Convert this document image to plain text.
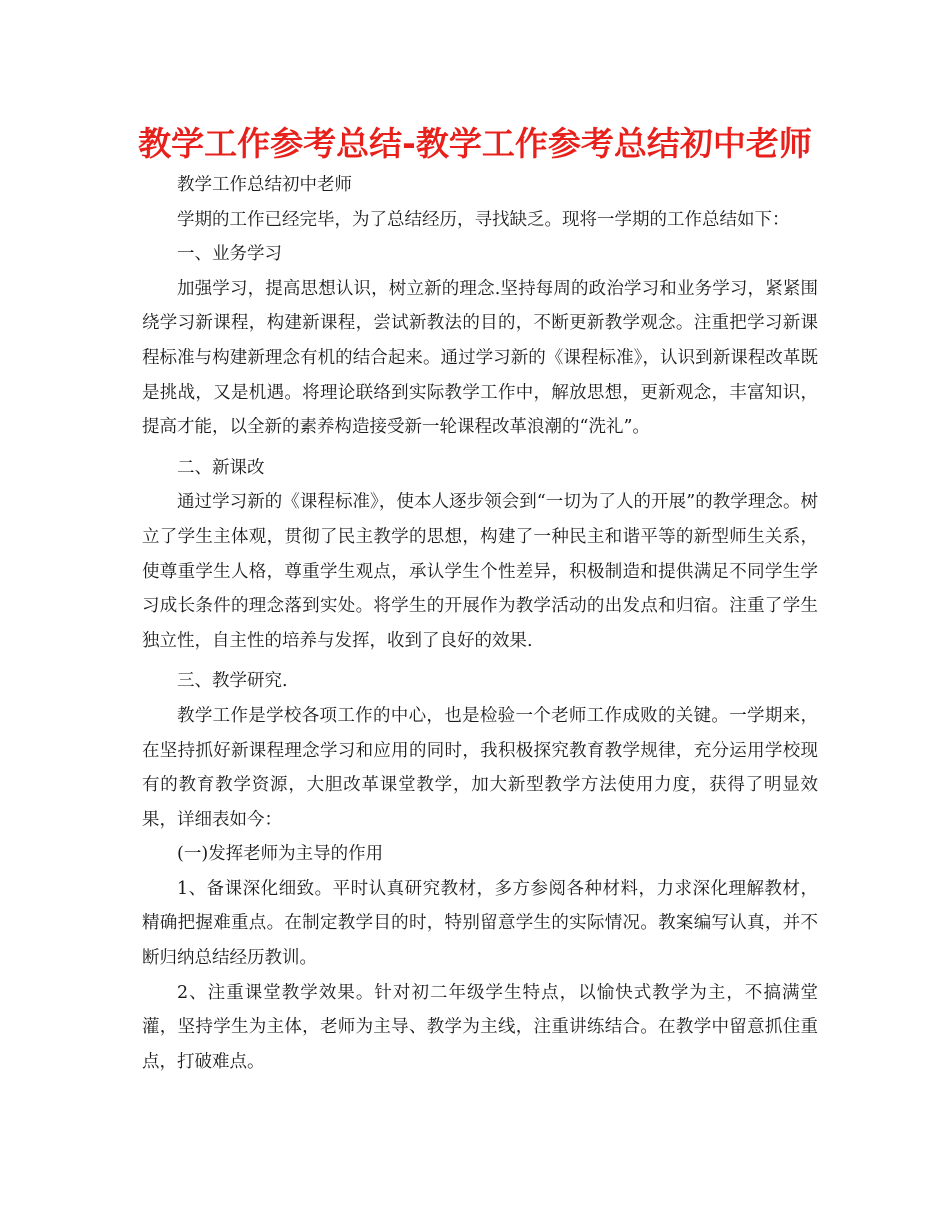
教学工作参考总结-教学工作参考总结初中老师

教学工作总结初中老师

学期的工作已经完毕，为了总结经历，寻找缺乏。现将一学期的工作总结如下：

一、业务学习

加强学习，提高思想认识，树立新的理念.坚持每周的政治学习和业务学习，紧紧围绕学习新课程，构建新课程，尝试新教法的目的，不断更新教学观念。注重把学习新课程标准与构建新理念有机的结合起来。通过学习新的《课程标准》，认识到新课程改革既是挑战，又是机遇。将理论联络到实际教学工作中，解放思想，更新观念，丰富知识，提高才能，以全新的素养构造接受新一轮课程改革浪潮的“洗礼”。

二、新课改

通过学习新的《课程标准》，使本人逐步领会到“一切为了人的开展”的教学理念。树立了学生主体观，贯彻了民主教学的思想，构建了一种民主和谐平等的新型师生关系，使尊重学生人格，尊重学生观点，承认学生个性差异，积极制造和提供满足不同学生学习成长条件的理念落到实处。将学生的开展作为教学活动的出发点和归宿。注重了学生独立性，自主性的培养与发挥，收到了良好的效果.

三、教学研究.

教学工作是学校各项工作的中心，也是检验一个老师工作成败的关键。一学期来，在坚持抓好新课程理念学习和应用的同时，我积极探究教育教学规律，充分运用学校现有的教育教学资源，大胆改革课堂教学，加大新型教学方法使用力度，获得了明显效果，详细表如今：

(一)发挥老师为主导的作用

1、备课深化细致。平时认真研究教材，多方参阅各种材料，力求深化理解教材，精确把握难重点。在制定教学目的时，特别留意学生的实际情况。教案编写认真，并不断归纳总结经历教训。

2、注重课堂教学效果。针对初二年级学生特点，以愉快式教学为主，不搞满堂灌，坚持学生为主体，老师为主导、教学为主线，注重讲练结合。在教学中留意抓住重点，打破难点。
